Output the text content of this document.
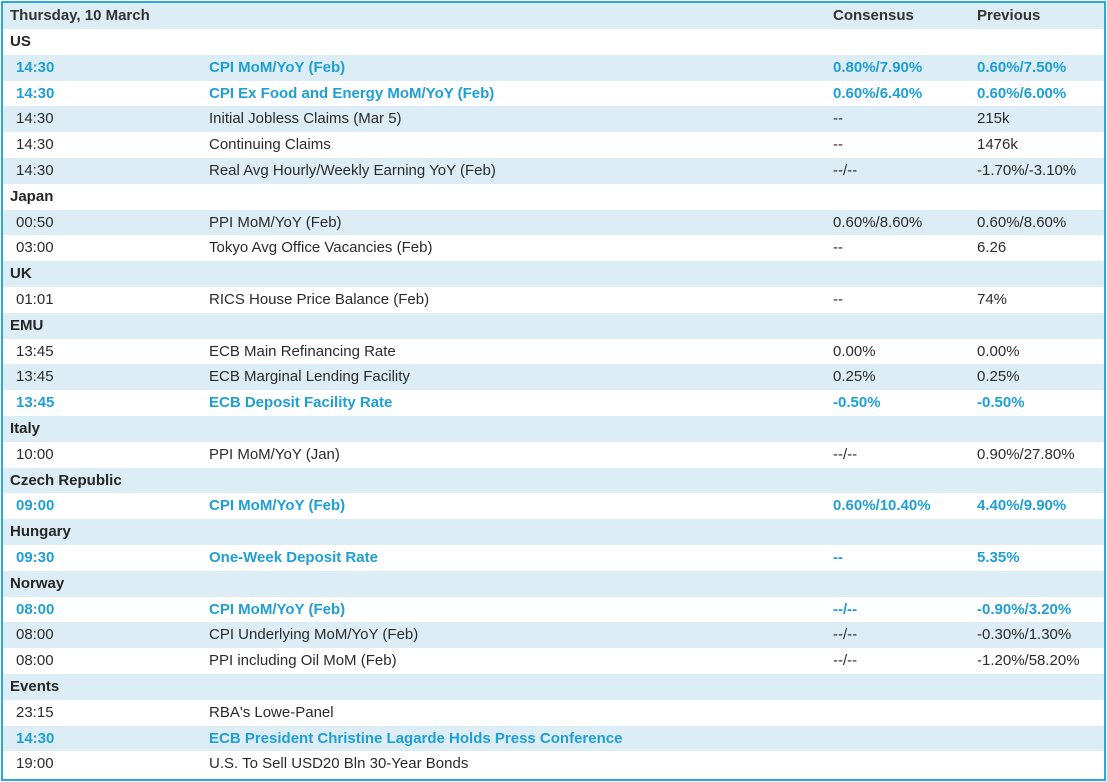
Thursday, 10 March	Consensus	Previous
US
14:30	CPI MoM/YoY (Feb)	0.80%/7.90%	0.60%/7.50%
14:30	CPI Ex Food and Energy MoM/YoY (Feb)	0.60%/6.40%	0.60%/6.00%
14:30	Initial Jobless Claims (Mar 5)	--	215k
14:30	Continuing Claims	--	1476k
14:30	Real Avg Hourly/Weekly Earning YoY (Feb)	--/--	-1.70%/-3.10%
Japan
00:50	PPI MoM/YoY (Feb)	0.60%/8.60%	0.60%/8.60%
03:00	Tokyo Avg Office Vacancies (Feb)	--	6.26
UK
01:01	RICS House Price Balance (Feb)	--	74%
EMU
13:45	ECB Main Refinancing Rate	0.00%	0.00%
13:45	ECB Marginal Lending Facility	0.25%	0.25%
13:45	ECB Deposit Facility Rate	-0.50%	-0.50%
Italy
10:00	PPI MoM/YoY (Jan)	--/--	0.90%/27.80%
Czech Republic
09:00	CPI MoM/YoY (Feb)	0.60%/10.40%	4.40%/9.90%
Hungary
09:30	One-Week Deposit Rate	--	5.35%
Norway
08:00	CPI MoM/YoY (Feb)	--/--	-0.90%/3.20%
08:00	CPI Underlying MoM/YoY (Feb)	--/--	-0.30%/1.30%
08:00	PPI including Oil MoM (Feb)	--/--	-1.20%/58.20%
Events
23:15	RBA's Lowe-Panel
14:30	ECB President Christine Lagarde Holds Press Conference
19:00	U.S. To Sell USD20 Bln 30-Year Bonds
